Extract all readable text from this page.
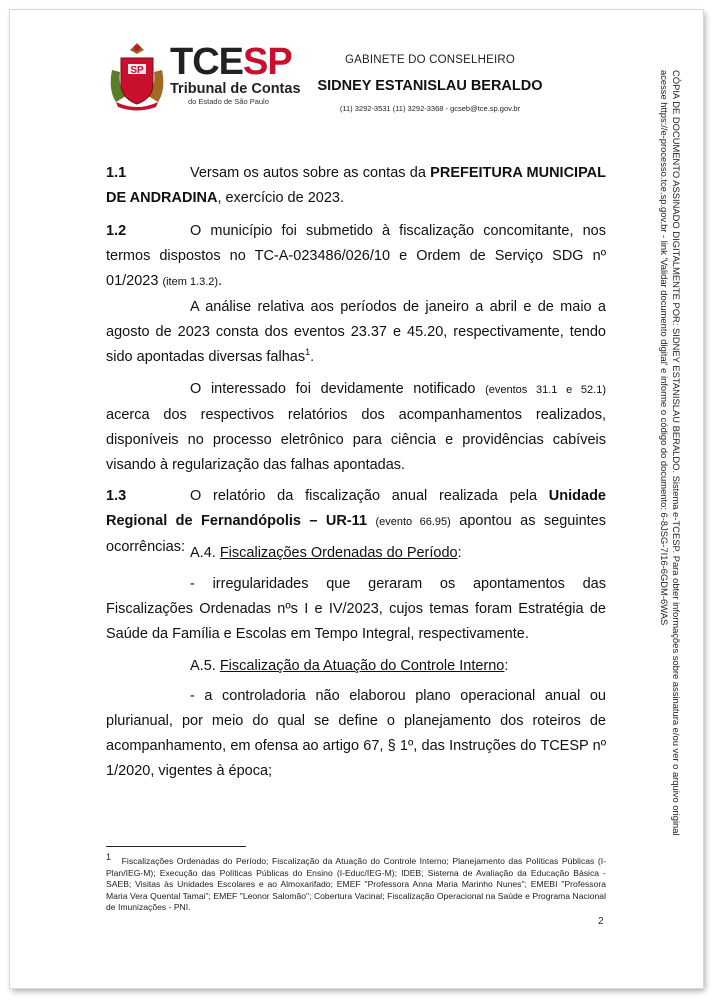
SP TCESP
Tribunal de Contas
do Estado de São Paulo
GABINETE DO CONSELHEIRO
SIDNEY ESTANISLAU BERALDO
(11) 3292-3531 (11) 3292-3368 - gcseb@tce.sp.gov.br
1.1	Versam os autos sobre as contas da PREFEITURA MUNICIPAL DE ANDRADINA, exercício de 2023.
1.2	O município foi submetido à fiscalização concomitante, nos termos dispostos no TC-A-023486/026/10 e Ordem de Serviço SDG nº 01/2023 (item 1.3.2).
A análise relativa aos períodos de janeiro a abril e de maio a agosto de 2023 consta dos eventos 23.37 e 45.20, respectivamente, tendo sido apontadas diversas falhas$^1$.
O interessado foi devidamente notificado (eventos 31.1 e 52.1) acerca dos respectivos relatórios dos acompanhamentos realizados, disponíveis no processo eletrônico para ciência e providências cabíveis visando à regularização das falhas apontadas.
1.3	O relatório da fiscalização anual realizada pela Unidade Regional de Fernandópolis – UR-11 (evento 66.95) apontou as seguintes ocorrências: A.4. Fiscalizações Ordenadas do Período:
- irregularidades que geraram os apontamentos das Fiscalizações Ordenadas nºs I e IV/2023, cujos temas foram Estratégia de Saúde da Família e Escolas em Tempo Integral, respectivamente.
A.5. Fiscalização da Atuação do Controle Interno:
- a controladoria não elaborou plano operacional anual ou plurianual, por meio do qual se define o planejamento dos roteiros de acompanhamento, em ofensa ao artigo 67, § 1º, das Instruções do TCESP nº 1/2020, vigentes à época;
$^1$ Fiscalizações Ordenadas do Período; Fiscalização da Atuação do Controle Interno; Planejamento das Políticas Públicas (I-Plan/IEG-M); Execução das Políticas Públicas do Ensino (I-Educ/IEG-M); IDEB; Sistema de Avaliação da Educação Básica - SAEB; Visitas às Unidades Escolares e ao Almoxarifado; EMEF "Professora Anna Maria Marinho Nunes"; EMEBI "Professora Maria Vera Quental Tamai"; EMEF "Leonor Salomão"; Cobertura Vacinal; Fiscalização Operacional na Saúde e Programa Nacional de Imunizações - PNI.
2
CÓPIA DE DOCUMENTO ASSINADO DIGITALMENTE POR: SIDNEY ESTANISLAU BERALDO. Sistema e-TCESP. Para obter informações sobre assinatura e/ou ver o arquivo original
acesse https://e-processo.tce.sp.gov.br - link 'Validar documento digital' e informe o código do documento: 6-8JSG-7I16-6GDM-6WAS
